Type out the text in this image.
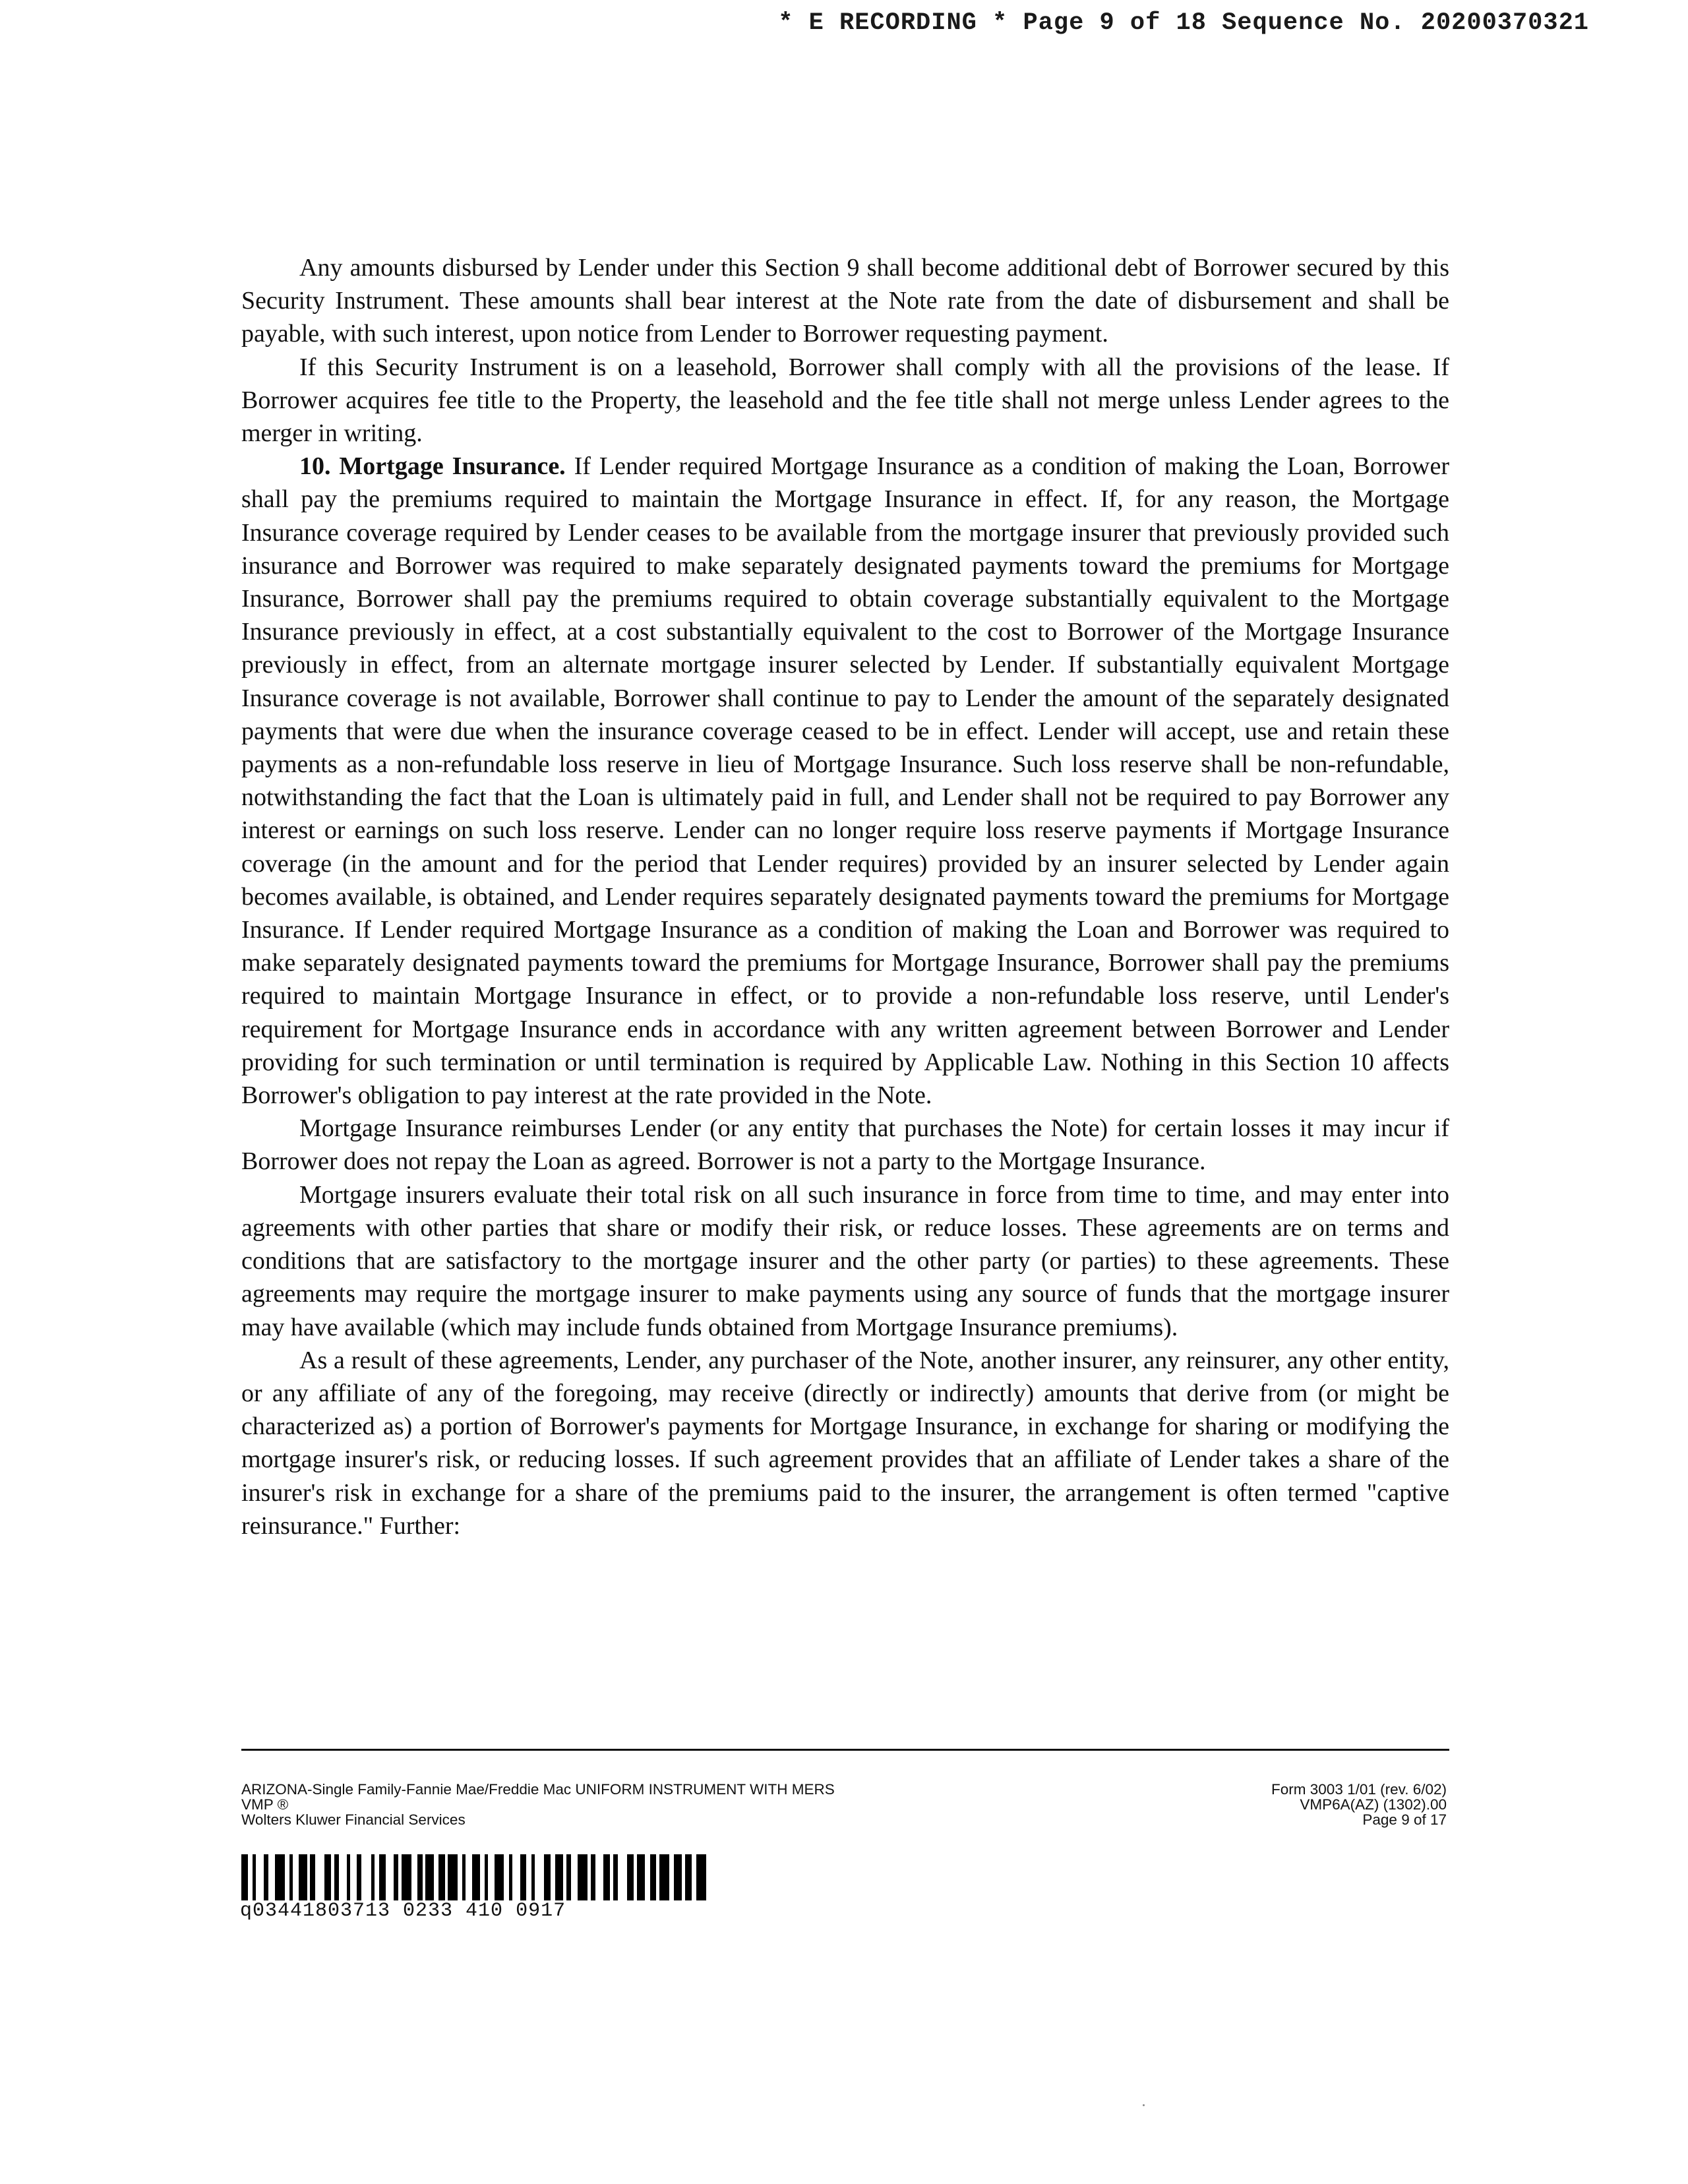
* E RECORDING * Page 9 of 18 Sequence No. 20200370321

Any amounts disbursed by Lender under this Section 9 shall become additional debt of Borrower secured by this Security Instrument. These amounts shall bear interest at the Note rate from the date of disbursement and shall be payable, with such interest, upon notice from Lender to Borrower requesting payment.

If this Security Instrument is on a leasehold, Borrower shall comply with all the provisions of the lease. If Borrower acquires fee title to the Property, the leasehold and the fee title shall not merge unless Lender agrees to the merger in writing.

10. Mortgage Insurance. If Lender required Mortgage Insurance as a condition of making the Loan, Borrower shall pay the premiums required to maintain the Mortgage Insurance in effect. If, for any reason, the Mortgage Insurance coverage required by Lender ceases to be available from the mortgage insurer that previously provided such insurance and Borrower was required to make separately designated payments toward the premiums for Mortgage Insurance, Borrower shall pay the premiums required to obtain coverage substantially equivalent to the Mortgage Insurance previously in effect, at a cost substantially equivalent to the cost to Borrower of the Mortgage Insurance previously in effect, from an alternate mortgage insurer selected by Lender. If substantially equivalent Mortgage Insurance coverage is not available, Borrower shall continue to pay to Lender the amount of the separately designated payments that were due when the insurance coverage ceased to be in effect. Lender will accept, use and retain these payments as a non-refundable loss reserve in lieu of Mortgage Insurance. Such loss reserve shall be non-refundable, notwithstanding the fact that the Loan is ultimately paid in full, and Lender shall not be required to pay Borrower any interest or earnings on such loss reserve. Lender can no longer require loss reserve payments if Mortgage Insurance coverage (in the amount and for the period that Lender requires) provided by an insurer selected by Lender again becomes available, is obtained, and Lender requires separately designated payments toward the premiums for Mortgage Insurance. If Lender required Mortgage Insurance as a condition of making the Loan and Borrower was required to make separately designated payments toward the premiums for Mortgage Insurance, Borrower shall pay the premiums required to maintain Mortgage Insurance in effect, or to provide a non-refundable loss reserve, until Lender's requirement for Mortgage Insurance ends in accordance with any written agreement between Borrower and Lender providing for such termination or until termination is required by Applicable Law. Nothing in this Section 10 affects Borrower's obligation to pay interest at the rate provided in the Note.

Mortgage Insurance reimburses Lender (or any entity that purchases the Note) for certain losses it may incur if Borrower does not repay the Loan as agreed. Borrower is not a party to the Mortgage Insurance.

Mortgage insurers evaluate their total risk on all such insurance in force from time to time, and may enter into agreements with other parties that share or modify their risk, or reduce losses. These agreements are on terms and conditions that are satisfactory to the mortgage insurer and the other party (or parties) to these agreements. These agreements may require the mortgage insurer to make payments using any source of funds that the mortgage insurer may have available (which may include funds obtained from Mortgage Insurance premiums).

As a result of these agreements, Lender, any purchaser of the Note, another insurer, any reinsurer, any other entity, or any affiliate of any of the foregoing, may receive (directly or indirectly) amounts that derive from (or might be characterized as) a portion of Borrower's payments for Mortgage Insurance, in exchange for sharing or modifying the mortgage insurer's risk, or reducing losses. If such agreement provides that an affiliate of Lender takes a share of the insurer's risk in exchange for a share of the premiums paid to the insurer, the arrangement is often termed "captive reinsurance." Further:

ARIZONA-Single Family-Fannie Mae/Freddie Mac UNIFORM INSTRUMENT WITH MERS
VMP ®
Wolters Kluwer Financial Services
Form 3003 1/01 (rev. 6/02)
VMP6A(AZ) (1302).00
Page 9 of 17
q03441803713 0233 410 0917
